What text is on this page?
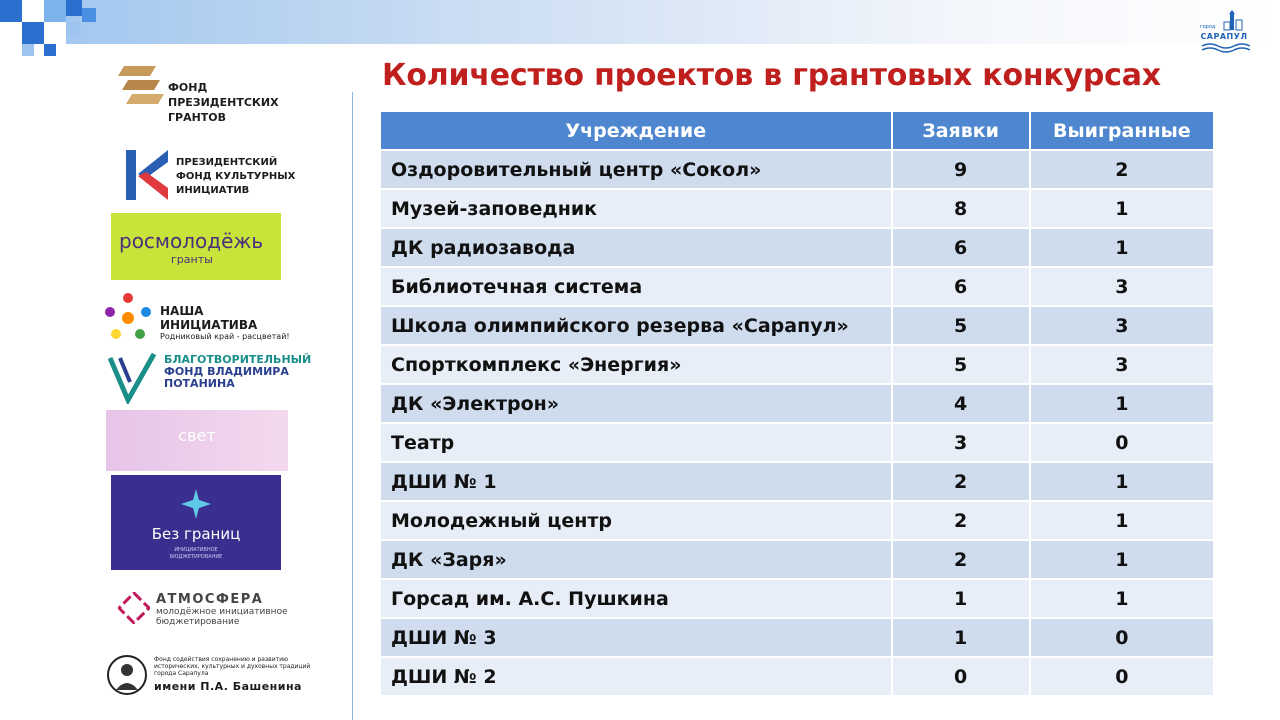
город
САРАПУЛ
Количество проектов в грантовых конкурсах
ФОНД
ПРЕЗИДЕНТСКИХ
ГРАНТОВ
ПРЕЗИДЕНТСКИЙ
ФОНД КУЛЬТУРНЫХ
ИНИЦИАТИВ
росмолодёжь
гранты
НАША ИНИЦИАТИВА
Родниковый край - расцветай!
БЛАГОТВОРИТЕЛЬНЫЙ
ФОНД ВЛАДИМИРА
ПОТАНИНА
свет
Без границ
ИНИЦИАТИВНОЕ
БЮДЖЕТИРОВАНИЕ
АТМОСФЕРА
молодёжное инициативное
бюджетирование
Фонд содействия сохранению и развитию
исторических, культурных и духовных традиций
города Сарапула
имени П.А. Башенина
Учреждение	Заявки	Выигранные
Оздоровительный центр «Сокол»	9	2
Музей-заповедник	8	1
ДК радиозавода	6	1
Библиотечная система	6	3
Школа олимпийского резерва «Сарапул»	5	3
Спорткомплекс «Энергия»	5	3
ДК «Электрон»	4	1
Театр	3	0
ДШИ № 1	2	1
Молодежный центр	2	1
ДК «Заря»	2	1
Горсад им. А.С. Пушкина	1	1
ДШИ № 3	1	0
ДШИ № 2	0	0
